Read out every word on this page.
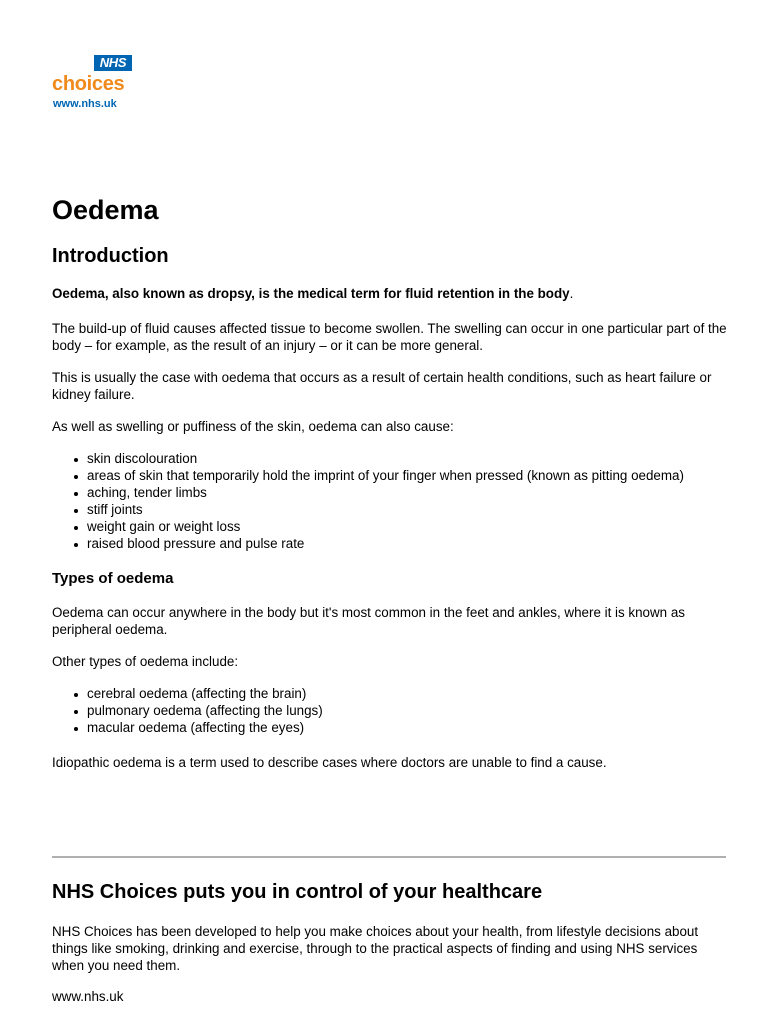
NHS
choices
www.nhs.uk
Oedema
Introduction

Oedema, also known as dropsy, is the medical term for fluid retention in the body.

The build-up of fluid causes affected tissue to become swollen. The swelling can occur in one particular part of the body – for example, as the result of an injury – or it can be more general.

This is usually the case with oedema that occurs as a result of certain health conditions, such as heart failure or kidney failure.

As well as swelling or puffiness of the skin, oedema can also cause:

skin discolouration
areas of skin that temporarily hold the imprint of your finger when pressed (known as pitting oedema)
aching, tender limbs
stiff joints
weight gain or weight loss
raised blood pressure and pulse rate
Types of oedema

Oedema can occur anywhere in the body but it's most common in the feet and ankles, where it is known as peripheral oedema.

Other types of oedema include:

cerebral oedema (affecting the brain)
pulmonary oedema (affecting the lungs)
macular oedema (affecting the eyes)

Idiopathic oedema is a term used to describe cases where doctors are unable to find a cause.

NHS Choices puts you in control of your healthcare

NHS Choices has been developed to help you make choices about your health, from lifestyle decisions about things like smoking, drinking and exercise, through to the practical aspects of finding and using NHS services when you need them.

www.nhs.uk
